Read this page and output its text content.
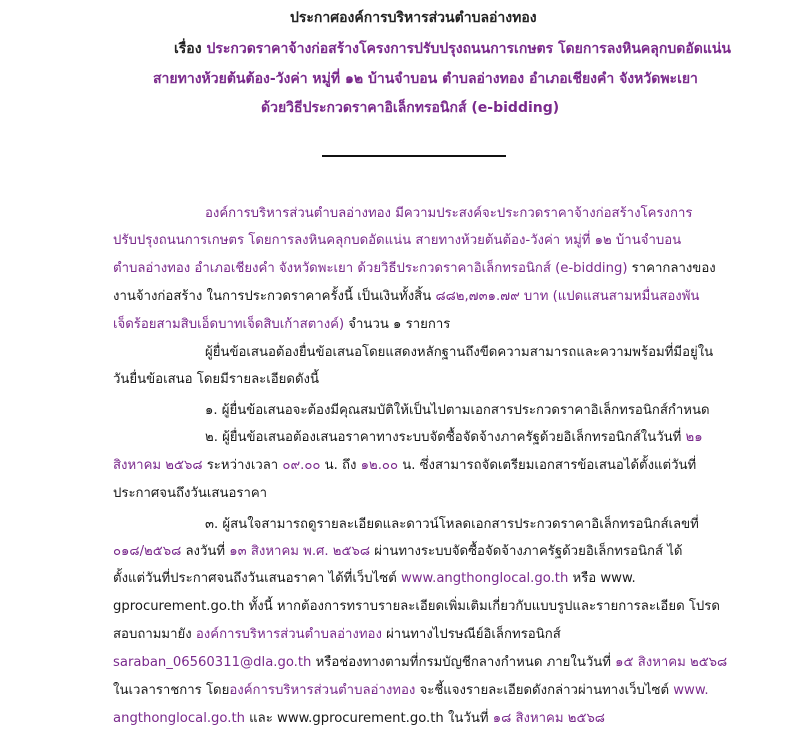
ประกาศองค์การบริหารส่วนตำบลอ่างทอง
เรื่อง ประกวดราคาจ้างก่อสร้างโครงการปรับปรุงถนนการเกษตร โดยการลงหินคลุกบดอัดแน่น
สายทางห้วยต้นต้อง-วังค่า หมู่ที่ ๑๒ บ้านจำบอน ตำบลอ่างทอง อำเภอเชียงคำ จังหวัดพะเยา
ด้วยวิธีประกวดราคาอิเล็กทรอนิกส์ (e-bidding)
องค์การบริหารส่วนตำบลอ่างทอง มีความประสงค์จะประกวดราคาจ้างก่อสร้างโครงการ
ปรับปรุงถนนการเกษตร โดยการลงหินคลุกบดอัดแน่น สายทางห้วยต้นต้อง-วังค่า หมู่ที่ ๑๒ บ้านจำบอน
ตำบลอ่างทอง อำเภอเชียงคำ จังหวัดพะเยา ด้วยวิธีประกวดราคาอิเล็กทรอนิกส์ (e-bidding) ราคากลางของ
งานจ้างก่อสร้าง ในการประกวดราคาครั้งนี้ เป็นเงินทั้งสิ้น ๘๘๒,๗๓๑.๗๙ บาท (แปดแสนสามหมื่นสองพัน
เจ็ดร้อยสามสิบเอ็ดบาทเจ็ดสิบเก้าสตางค์) จำนวน ๑ รายการ
ผู้ยื่นข้อเสนอต้องยื่นข้อเสนอโดยแสดงหลักฐานถึงขีดความสามารถและความพร้อมที่มีอยู่ใน
วันยื่นข้อเสนอ โดยมีรายละเอียดดังนี้
๑. ผู้ยื่นข้อเสนอจะต้องมีคุณสมบัติให้เป็นไปตามเอกสารประกวดราคาอิเล็กทรอนิกส์กำหนด
๒. ผู้ยื่นข้อเสนอต้องเสนอราคาทางระบบจัดซื้อจัดจ้างภาครัฐด้วยอิเล็กทรอนิกส์ในวันที่ ๒๑
สิงหาคม ๒๕๖๘ ระหว่างเวลา ๐๙.๐๐ น. ถึง ๑๒.๐๐ น. ซึ่งสามารถจัดเตรียมเอกสารข้อเสนอได้ตั้งแต่วันที่
ประกาศจนถึงวันเสนอราคา
๓. ผู้สนใจสามารถดูรายละเอียดและดาวน์โหลดเอกสารประกวดราคาอิเล็กทรอนิกส์เลขที่
๐๑๘/๒๕๖๘ ลงวันที่ ๑๓ สิงหาคม พ.ศ. ๒๕๖๘ ผ่านทางระบบจัดซื้อจัดจ้างภาครัฐด้วยอิเล็กทรอนิกส์ ได้
ตั้งแต่วันที่ประกาศจนถึงวันเสนอราคา ได้ที่เว็บไซต์ www.angthonglocal.go.th หรือ www.
gprocurement.go.th ทั้งนี้ หากต้องการทราบรายละเอียดเพิ่มเติมเกี่ยวกับแบบรูปและรายการละเอียด โปรด
สอบถามมายัง องค์การบริหารส่วนตำบลอ่างทอง ผ่านทางไปรษณีย์อิเล็กทรอนิกส์
saraban_06560311@dla.go.th หรือช่องทางตามที่กรมบัญชีกลางกำหนด ภายในวันที่ ๑๕ สิงหาคม ๒๕๖๘
ในเวลาราชการ โดยองค์การบริหารส่วนตำบลอ่างทอง จะชี้แจงรายละเอียดดังกล่าวผ่านทางเว็บไซต์ www.
angthonglocal.go.th และ www.gprocurement.go.th ในวันที่ ๑๘ สิงหาคม ๒๕๖๘
